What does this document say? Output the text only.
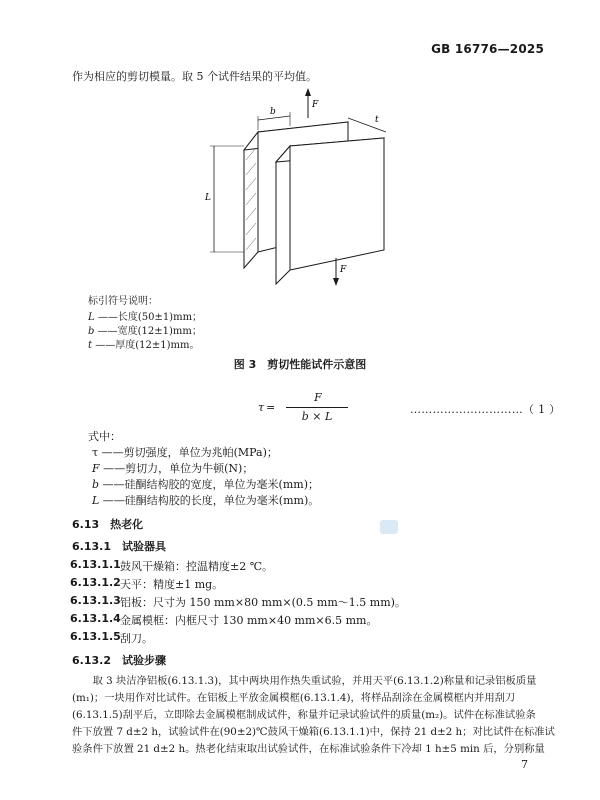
GB 16776—2025
作为相应的剪切模量。取 5 个试件结果的平均值。
F
b
t
L
F
标引符号说明：
L ——长度(50±1)mm；
b ——宽度(12±1)mm；
t ——厚度(12±1)mm。
图 3　剪切性能试件示意图
τ =
F
b × L
…………………………（ 1 ）
式中：
τ ——剪切强度，单位为兆帕(MPa)；
F ——剪切力，单位为牛顿(N)；
b ——硅酮结构胶的宽度，单位为毫米(mm)；
L ——硅酮结构胶的长度，单位为毫米(mm)。
6.13　 热老化
6.13.1　 试验器具
6.13.1.1 鼓风干燥箱：控温精度±2 ℃。
6.13.1.2 天平：精度±1 mg。
6.13.1.3 铝板：尺寸为 150 mm×80 mm×(0.5 mm～1.5 mm)。
6.13.1.4 金属模框：内框尺寸 130 mm×40 mm×6.5 mm。
6.13.1.5 刮刀。
6.13.2　 试验步骤
　　取 3 块洁净铝板(6.13.1.3)，其中两块用作热失重试验，并用天平(6.13.1.2)称量和记录铝板质量
(m₁)；一块用作对比试件。在铝板上平放金属模框(6.13.1.4)，将样品刮涂在金属模框内并用刮刀
(6.13.1.5)刮平后，立即除去金属模框制成试件，称量并记录试验试件的质量(m₂)。试件在标准试验条
件下放置 7 d±2 h，试验试件在(90±2)℃鼓风干燥箱(6.13.1.1)中，保持 21 d±2 h；对比试件在标准试
验条件下放置 21 d±2 h。热老化结束取出试验试件，在标准试验条件下冷却 1 h±5 min 后，分别称量
7
